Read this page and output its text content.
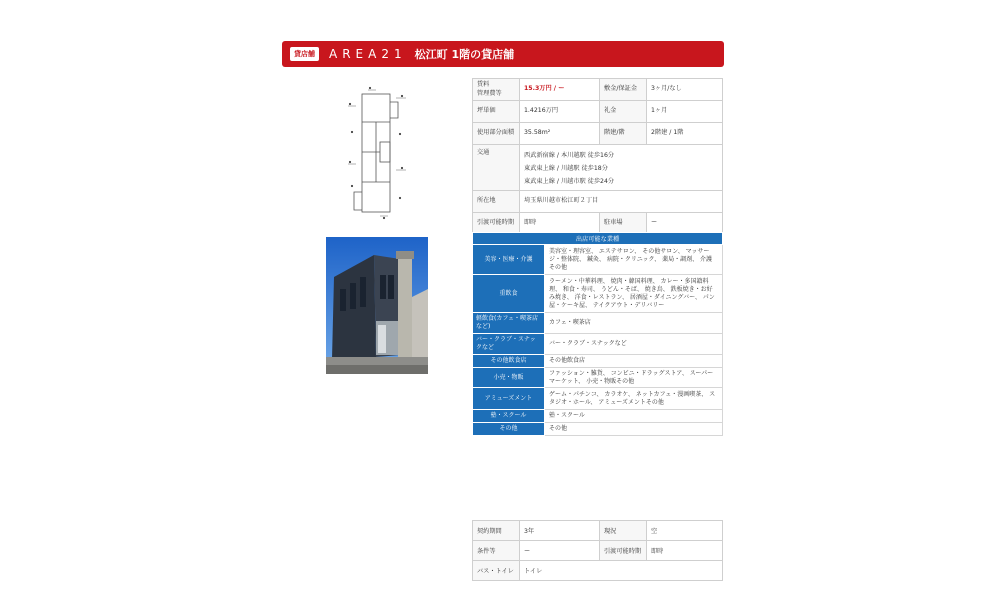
貸店舗	AREA21 松江町 1階の貸店舗
賃料
管理費等	15.3万円 / ー	敷金/保証金	3ヶ月/なし
坪単価	1.4216万円	礼金	1ヶ月
使用部分面積	35.58m²	階建/階	2階建 / 1階
交通	西武新宿線 / 本川越駅 徒歩16分
東武東上線 / 川越駅 徒歩18分
東武東上線 / 川越市駅 徒歩24分		

所在地	埼玉県川越市松江町２丁目		
引渡可能時期	即時	駐車場	ー
出店可能な業種	
美容・医療・介護	美容室・理容室、 エステサロン、 その他サロン、 マッサージ・整体院、 鍼灸、 病院・クリニック、 薬局・調剤、 介護その他
重飲食	ラーメン・中華料理、 焼肉・韓国料理、 カレー・多国籍料理、 和食・寿司、 うどん・そば、 焼き鳥、 鉄板焼き・お好み焼き、 洋食・レストラン、 居酒屋・ダイニングバー、 パン屋・ケーキ屋、 テイクアウト・デリバリー
軽飲食(カフェ・喫茶店など)	カフェ・喫茶店
バー・クラブ・スナックなど	バー・クラブ・スナックなど
その他飲食店	その他飲食店
小売・物販	ファッション・雑貨、 コンビニ・ドラッグストア、 スーパーマーケット、 小売・物販その他
アミューズメント	ゲーム・パチンコ、 カラオケ、 ネットカフェ・漫画喫茶、 スタジオ・ホール、 アミューズメントその他
塾・スクール	塾・スクール
その他	その他
契約期間	3年	現況	空
条件等	ー	引渡可能時期	即時
バス・トイレ	トイレ		
